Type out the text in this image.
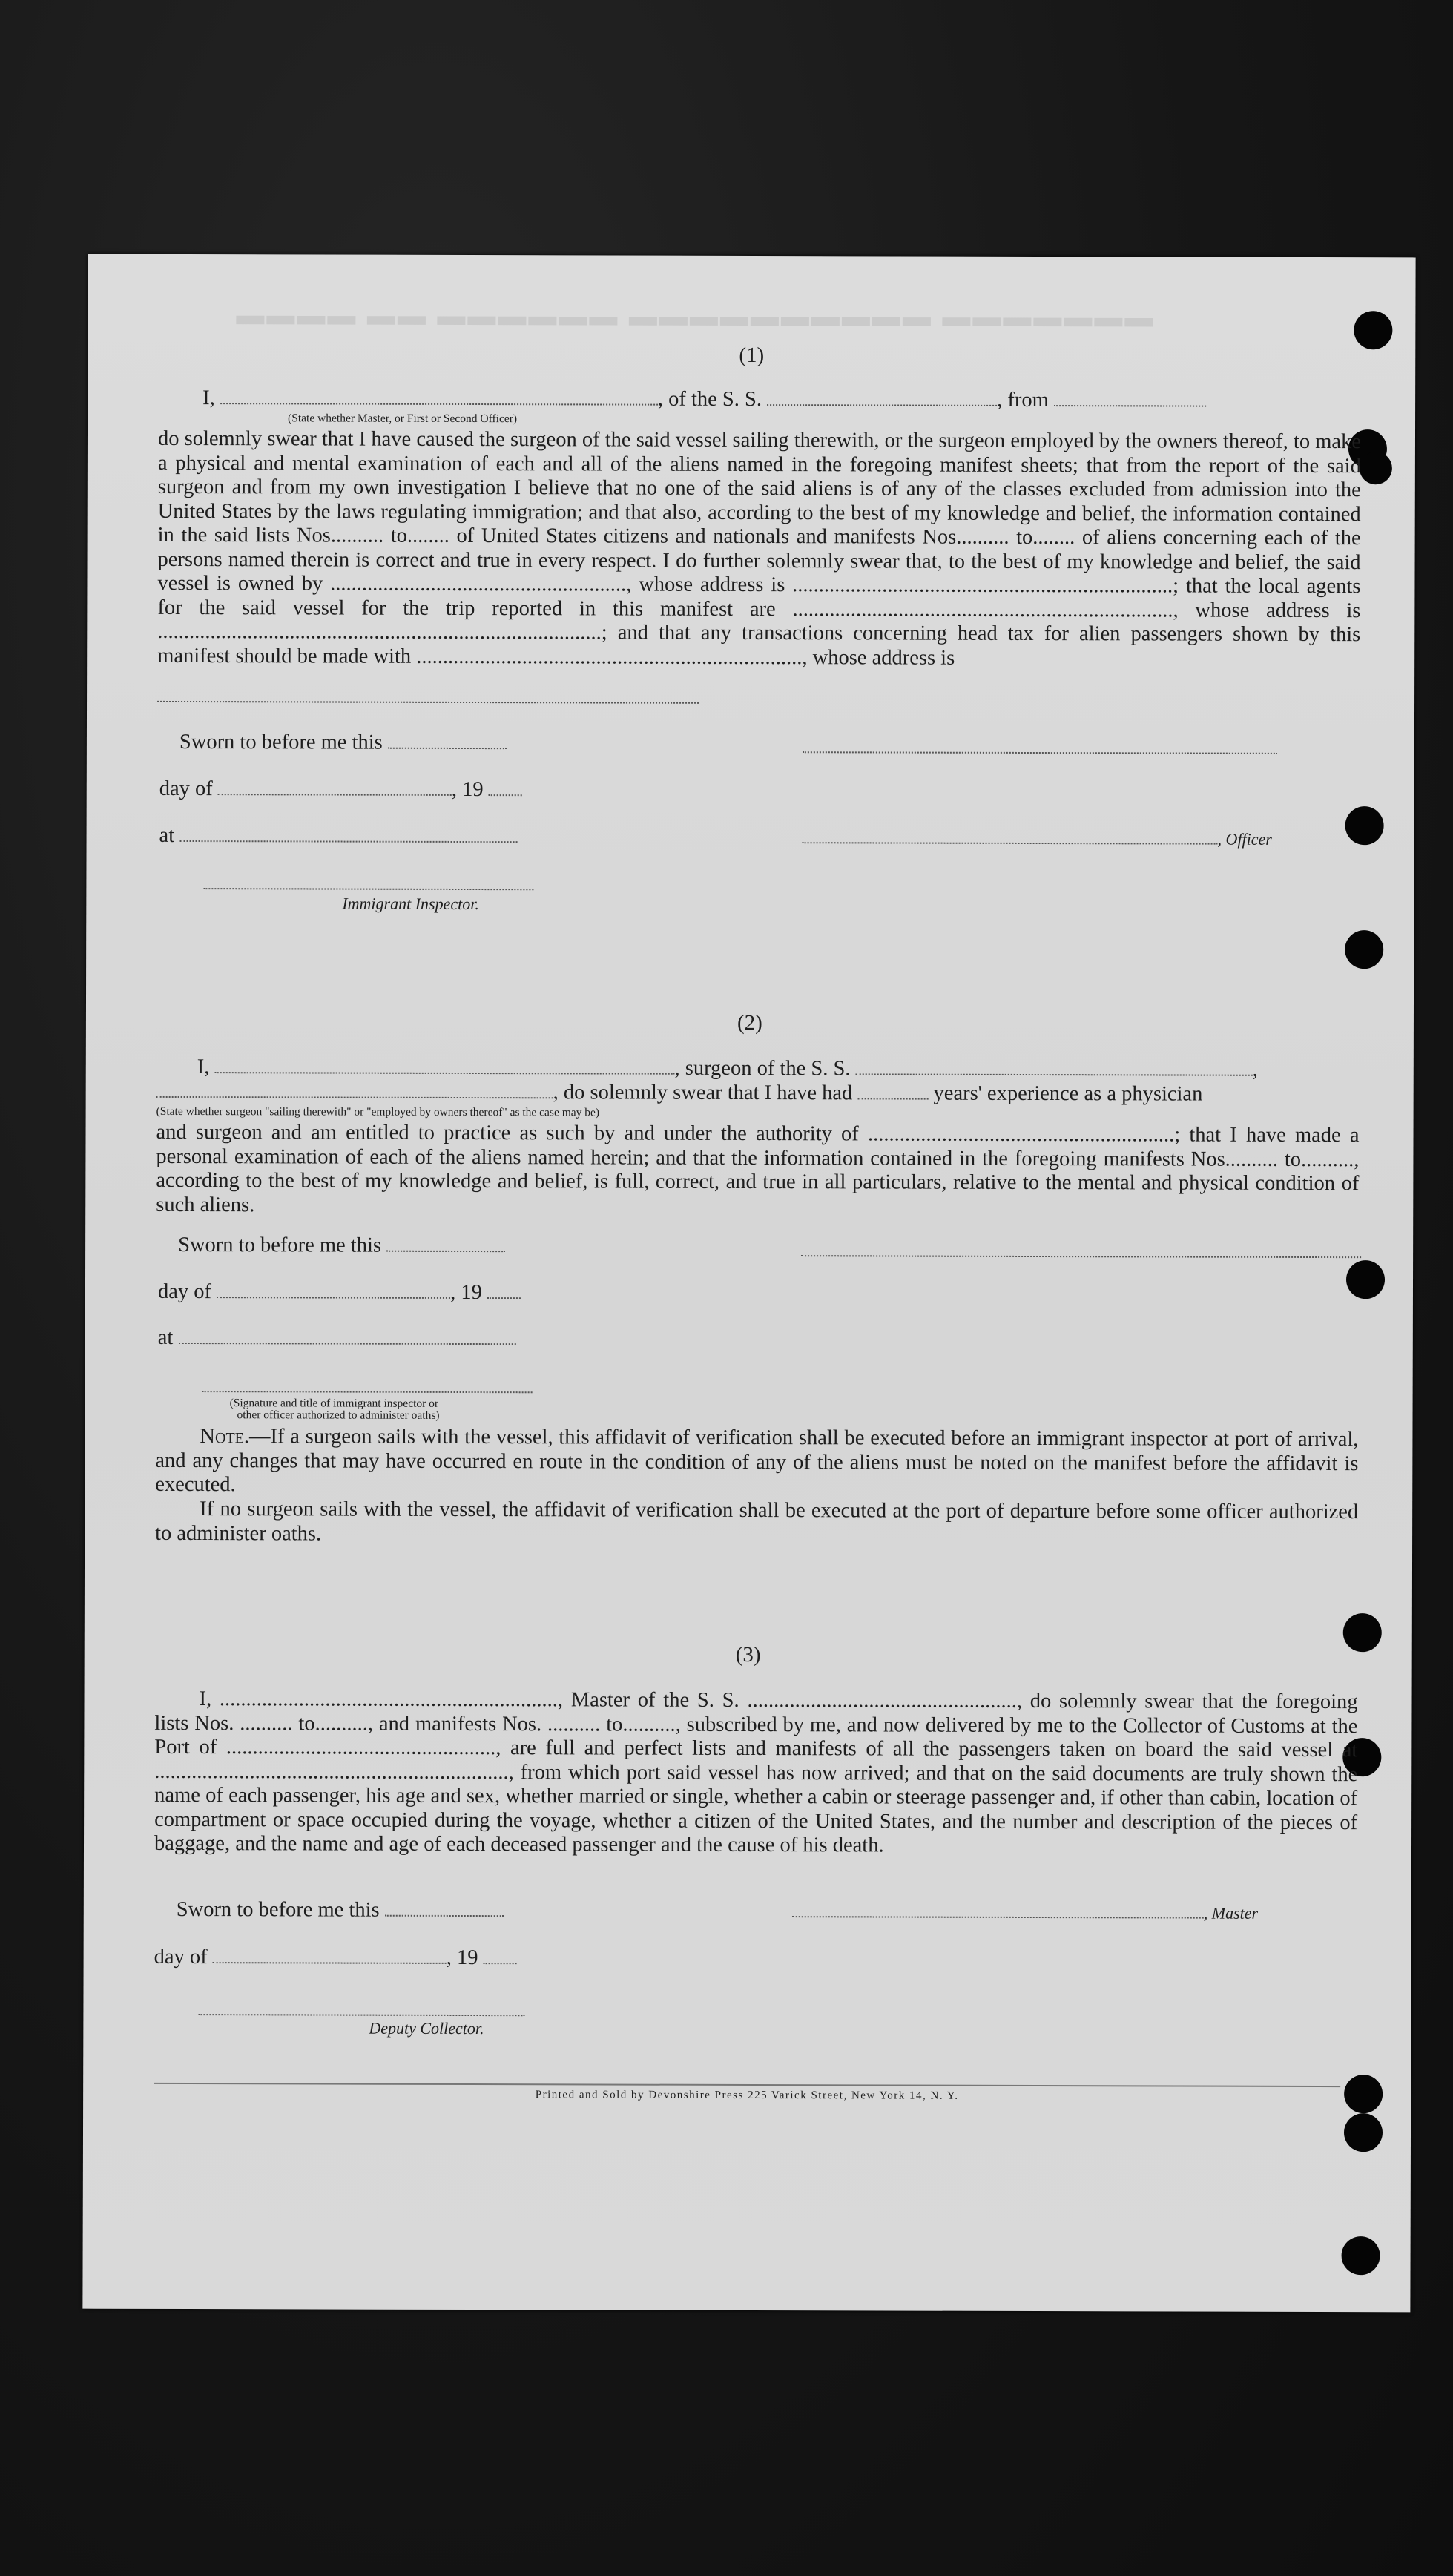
▬▬▬▬ ▬▬ ▬▬▬▬▬▬ ▬▬▬▬▬▬▬▬▬▬ ▬▬▬▬▬▬▬
(1)
I,	, of the S. S.	, from
(State whether Master, or First or Second Officer)
do solemnly swear that I have caused the surgeon of the said vessel sailing therewith, or the surgeon employed by the owners thereof, to make a physical and mental examination of each and all of the aliens named in the foregoing manifest sheets; that from the report of the said surgeon and from my own investigation I believe that no one of the said aliens is of any of the classes excluded from admission into the United States by the laws regulating immigration; and that also, according to the best of my knowledge and belief, the information contained in the said lists Nos.......... to........ of United States citizens and nationals and manifests Nos.......... to........ of aliens concerning each of the persons named therein is correct and true in every respect. I do further solemnly swear that, to the best of my knowledge and belief, the said vessel is owned by ........................................................, whose address is ........................................................................; that the local agents for the said vessel for the trip reported in this manifest are ........................................................................, whose address is ....................................................................................; and that any transactions concerning head tax for alien passengers shown by this manifest should be made with ........................................................................., whose address is
Sworn to before me this
day of	, 19
at	, Officer
Immigrant Inspector.
(2)
I,	, surgeon of the S. S.	,
, do solemnly swear that I have had	years' experience as a physician
(State whether surgeon "sailing therewith" or "employed by owners thereof" as the case may be)
and surgeon and am entitled to practice as such by and under the authority of ..........................................................; that I have made a personal examination of each of the aliens named herein; and that the information contained in the foregoing manifests Nos.......... to.........., according to the best of my knowledge and belief, is full, correct, and true in all particulars, relative to the mental and physical condition of such aliens.
Sworn to before me this
day of	, 19
at
(Signature and title of immigrant inspector or
other officer authorized to administer oaths)
Note.—If a surgeon sails with the vessel, this affidavit of verification shall be executed before an immigrant inspector at port of arrival, and any changes that may have occurred en route in the condition of any of the aliens must be noted on the manifest before the affidavit is executed.
If no surgeon sails with the vessel, the affidavit of verification shall be executed at the port of departure before some officer authorized to administer oaths.
(3)
I, ................................................................, Master of the S. S. ..................................................., do solemnly swear that the foregoing lists Nos. .......... to.........., and manifests Nos. .......... to.........., subscribed by me, and now delivered by me to the Collector of Customs at the Port of ..................................................., are full and perfect lists and manifests of all the passengers taken on board the said vessel at ..................................................................., from which port said vessel has now arrived; and that on the said documents are truly shown the name of each passenger, his age and sex, whether married or single, whether a cabin or steerage passenger and, if other than cabin, location of compartment or space occupied during the voyage, whether a citizen of the United States, and the number and description of the pieces of baggage, and the name and age of each deceased passenger and the cause of his death.
Sworn to before me this	, Master
day of	, 19
Deputy Collector.
Printed and Sold by Devonshire Press 225 Varick Street, New York 14, N. Y.
